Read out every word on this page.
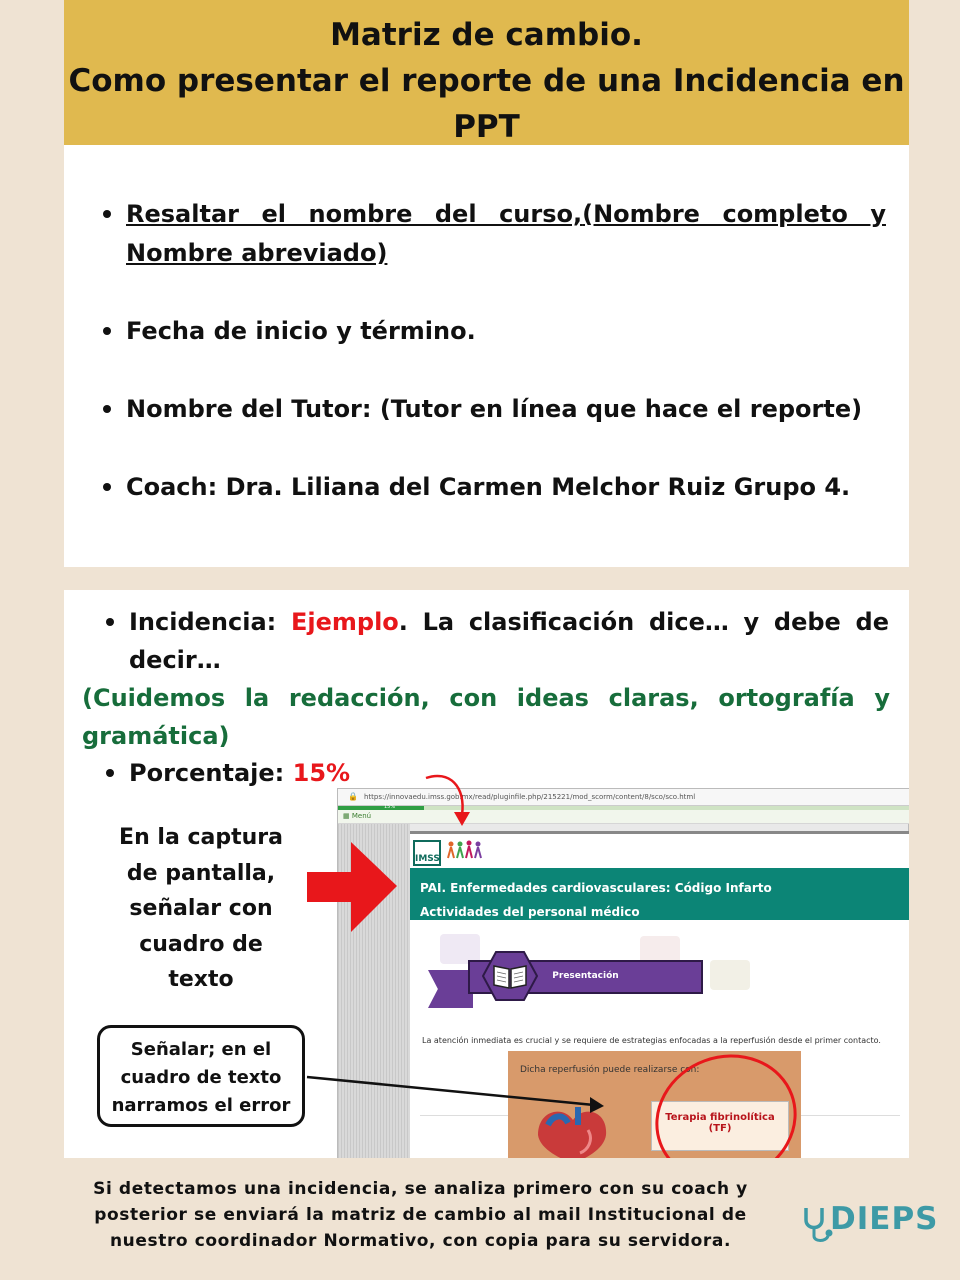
Matriz de cambio.
Como presentar el reporte de una Incidencia en
PPT
Resaltar el nombre del curso,(Nombre completo y Nombre abreviado)
Fecha de inicio y término.
Nombre del Tutor: (Tutor en línea que hace el reporte)
Coach: Dra. Liliana del Carmen Melchor Ruiz Grupo 4.
Incidencia: Ejemplo. La clasificación dice… y debe de decir…
(Cuidemos la redacción, con ideas claras, ortografía y gramática)
Porcentaje: 15%
En la captura de pantalla, señalar con cuadro de texto
Señalar; en el cuadro de texto narramos el error
🔒 https://innovaedu.imss.gob.mx/read/pluginfile.php/215221/mod_scorm/content/8/sco/sco.html
15%
▦ Menú
IMSS
PAI. Enfermedades cardiovasculares: Código Infarto
Actividades del personal médico
Presentación
La atención inmediata es crucial y se requiere de estrategias enfocadas a la reperfusión desde el primer contacto.
Dicha reperfusión puede realizarse con:
Terapia fibrinolítica
(TF)
Si detectamos una incidencia, se analiza primero con su coach y posterior se enviará la matriz de cambio al mail Institucional de nuestro coordinador Normativo, con copia para su servidora.
DIEPS
